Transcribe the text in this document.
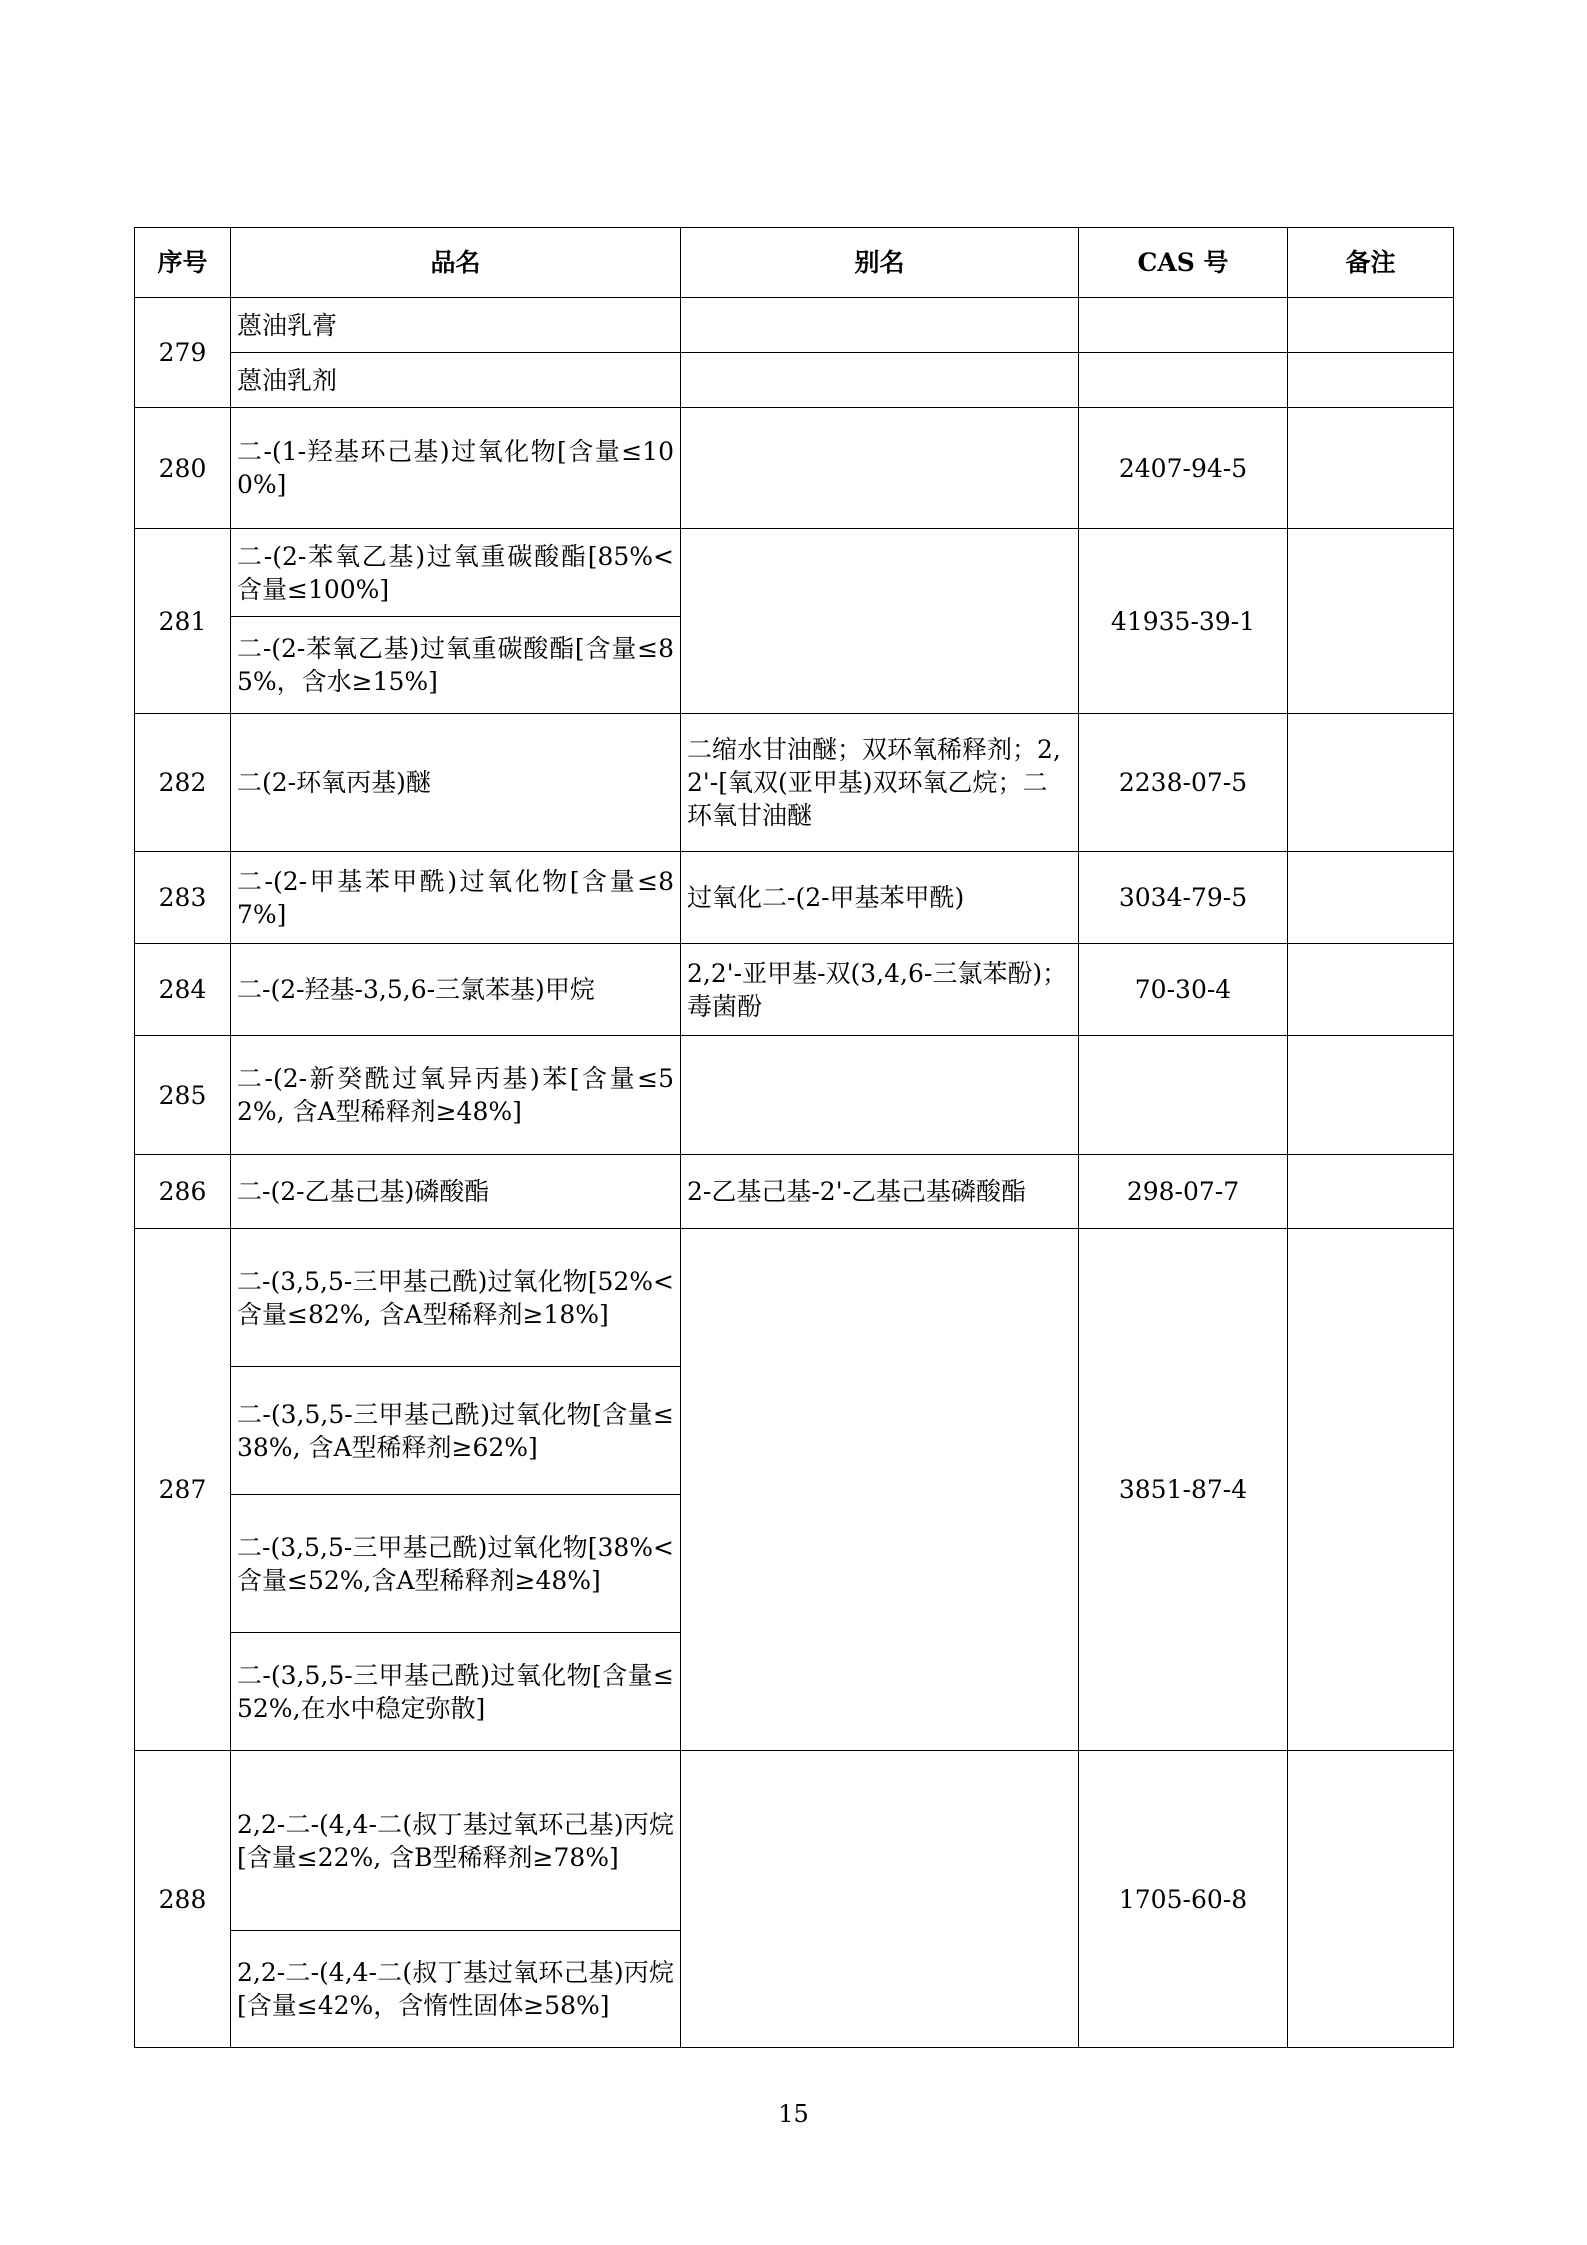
序号	品名	别名	CAS 号	备注
279	蒽油乳膏			

	蒽油乳剂			

280	二-(1-羟基环己基)过氧化物[含量≤100%]		2407-94-5	
281	二-(2-苯氧乙基)过氧重碳酸酯[85%<含量≤100%]		41935-39-1	

	二-(2-苯氧乙基)过氧重碳酸酯[含量≤85%，含水≥15%]			

282	二(2-环氧丙基)醚	二缩水甘油醚；双环氧稀释剂；2,2'-[氧双(亚甲基)双环氧乙烷；二环氧甘油醚	2238-07-5	
283	二-(2-甲基苯甲酰)过氧化物[含量≤87%]	过氧化二-(2-甲基苯甲酰)	3034-79-5	
284	二-(2-羟基-3,5,6-三氯苯基)甲烷	2,2'-亚甲基-双(3,4,6-三氯苯酚)；毒菌酚	70-30-4	
285	二-(2-新癸酰过氧异丙基)苯[含量≤52%, 含A型稀释剂≥48%]			

286	二-(2-乙基己基)磷酸酯	2-乙基己基-2'-乙基己基磷酸酯	298-07-7	
287	二-(3,5,5-三甲基己酰)过氧化物[52%<含量≤82%, 含A型稀释剂≥18%]		3851-87-4	

	二-(3,5,5-三甲基己酰)过氧化物[含量≤38%, 含A型稀释剂≥62%]			

	二-(3,5,5-三甲基己酰)过氧化物[38%<含量≤52%,含A型稀释剂≥48%]			

	二-(3,5,5-三甲基己酰)过氧化物[含量≤52%,在水中稳定弥散]			

288	2,2-二-(4,4-二(叔丁基过氧环己基)丙烷[含量≤22%, 含B型稀释剂≥78%]		1705-60-8	

	2,2-二-(4,4-二(叔丁基过氧环己基)丙烷[含量≤42%，含惰性固体≥58%]			
15
